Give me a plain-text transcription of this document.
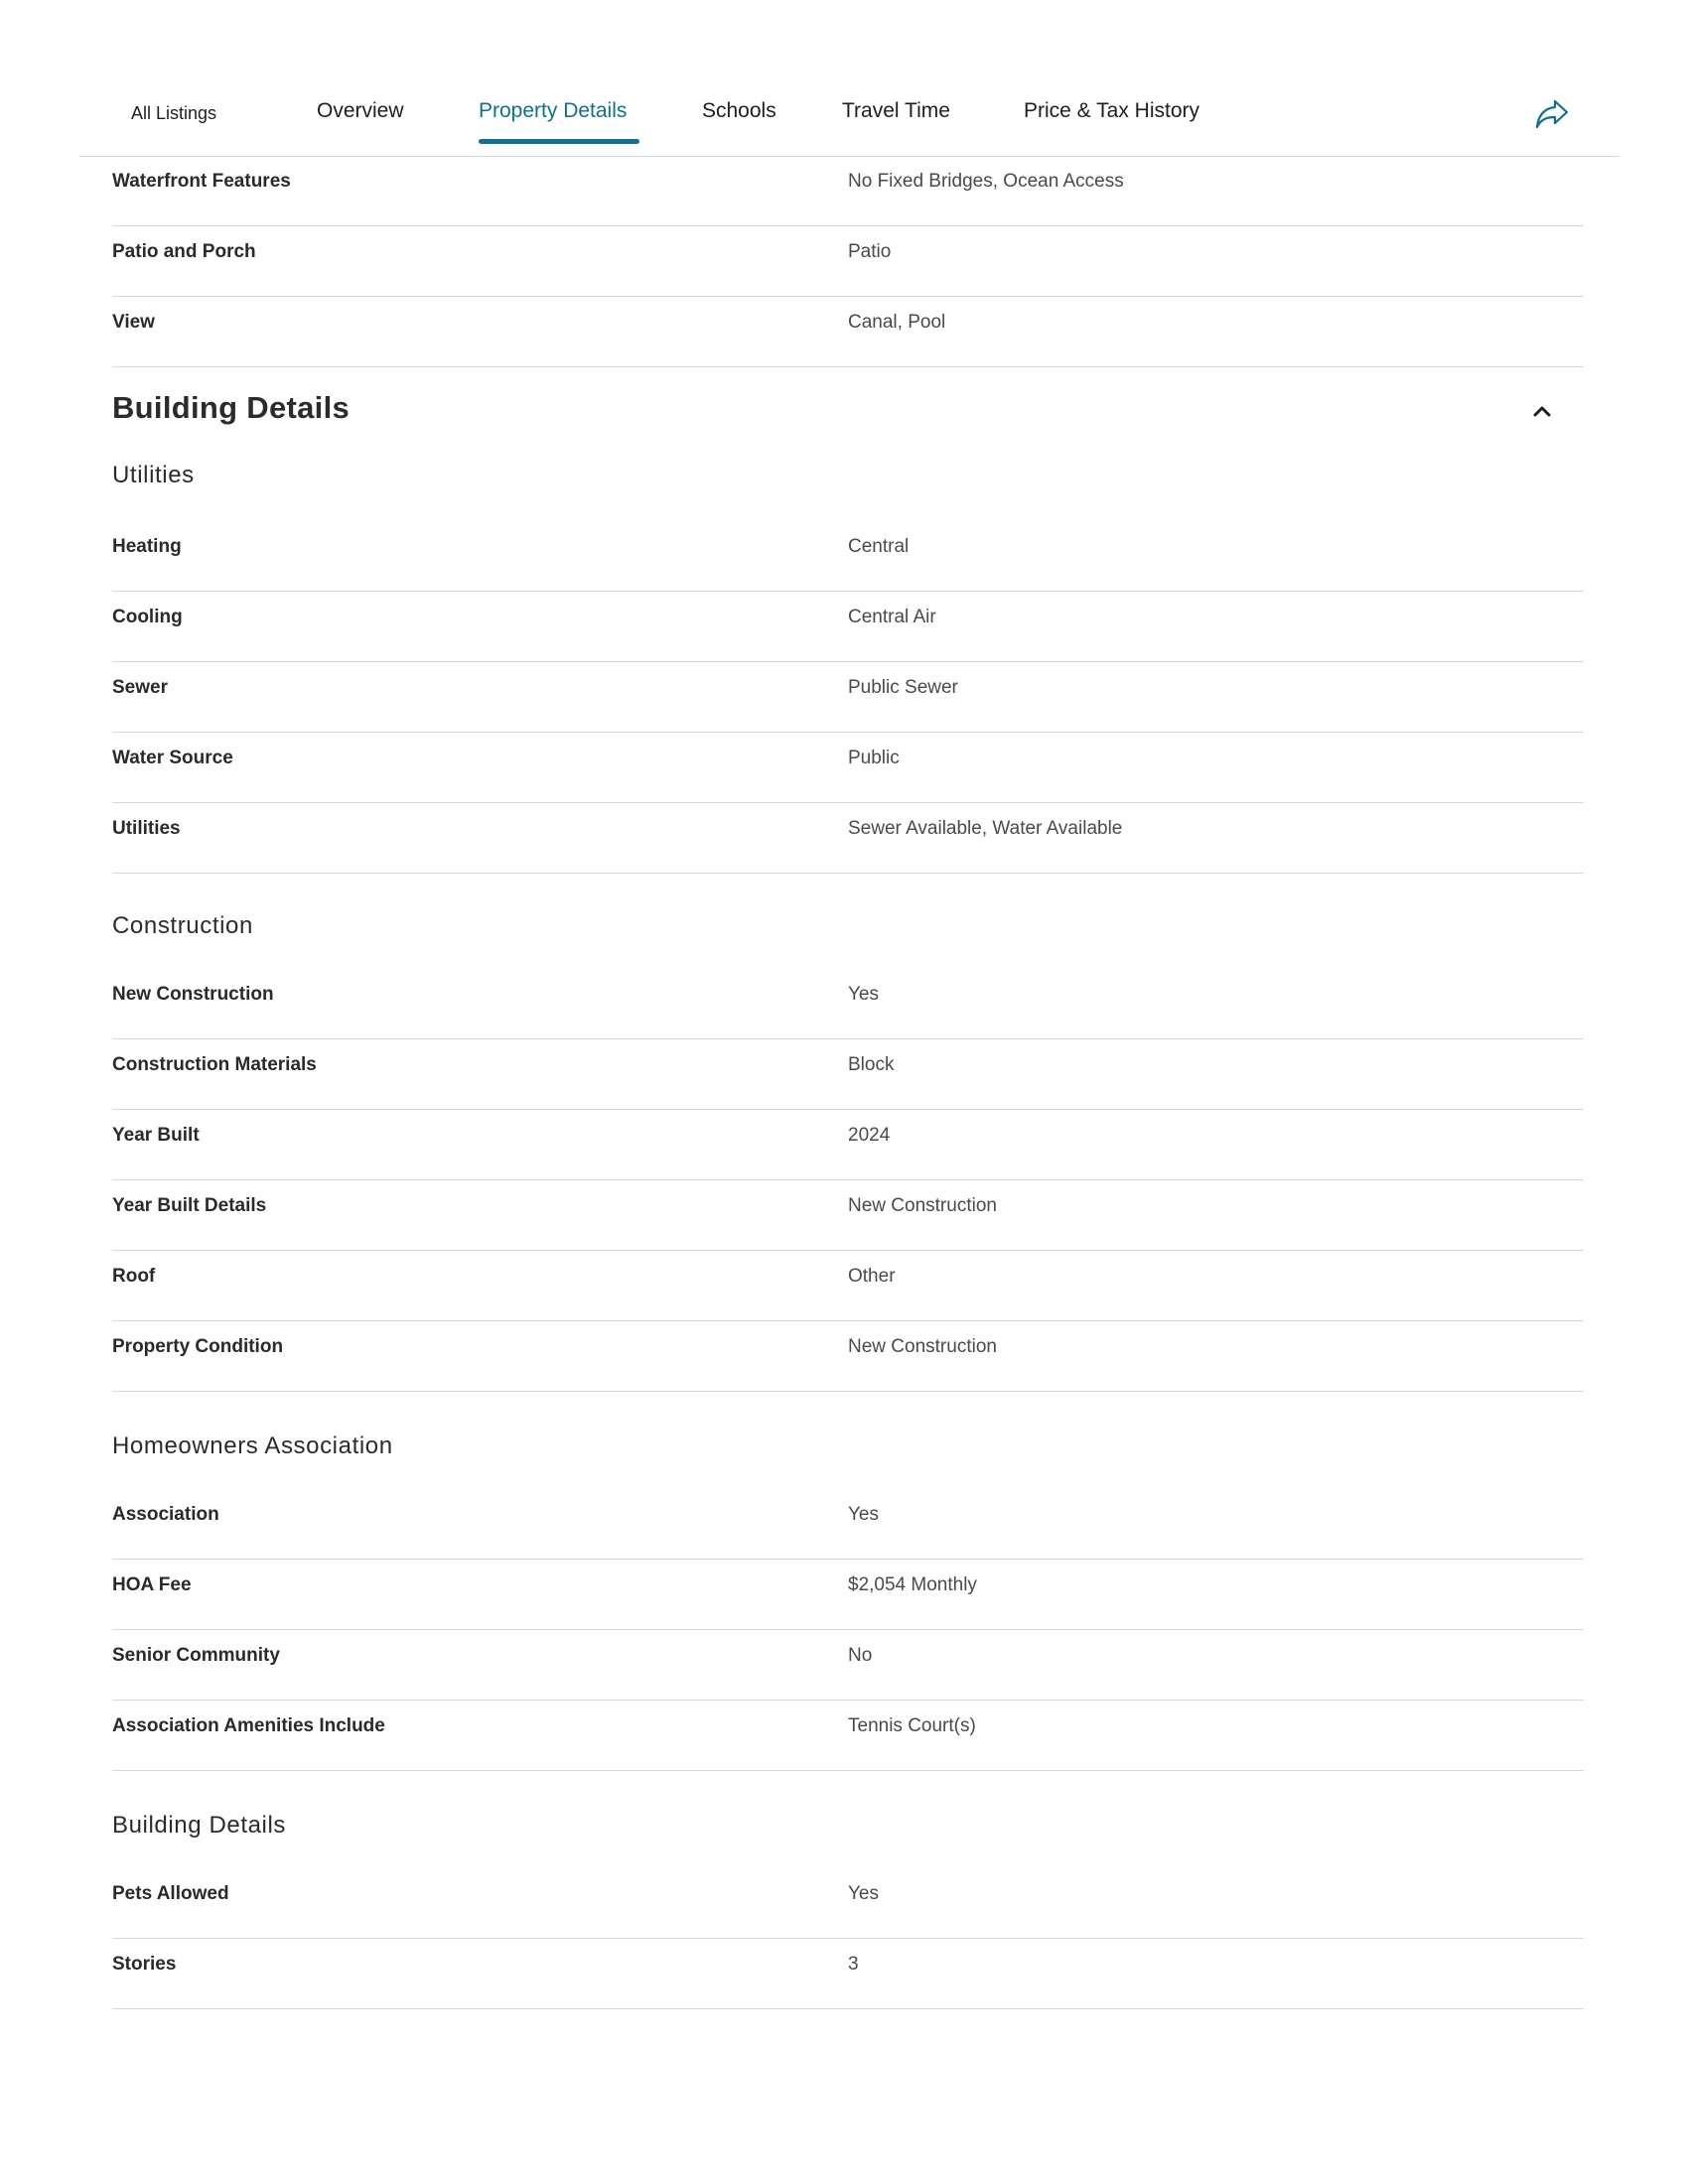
All Listings	Overview	Property Details	Schools	Travel Time	Price & Tax History
Waterfront Features	No Fixed Bridges, Ocean Access
Patio and Porch	Patio
View	Canal, Pool
Building Details
Utilities
Heating	Central
Cooling	Central Air
Sewer	Public Sewer
Water Source	Public
Utilities	Sewer Available, Water Available
Construction
New Construction	Yes
Construction Materials	Block
Year Built	2024
Year Built Details	New Construction
Roof	Other
Property Condition	New Construction
Homeowners Association
Association	Yes
HOA Fee	$2,054 Monthly
Senior Community	No
Association Amenities Include	Tennis Court(s)
Building Details
Pets Allowed	Yes
Stories	3
